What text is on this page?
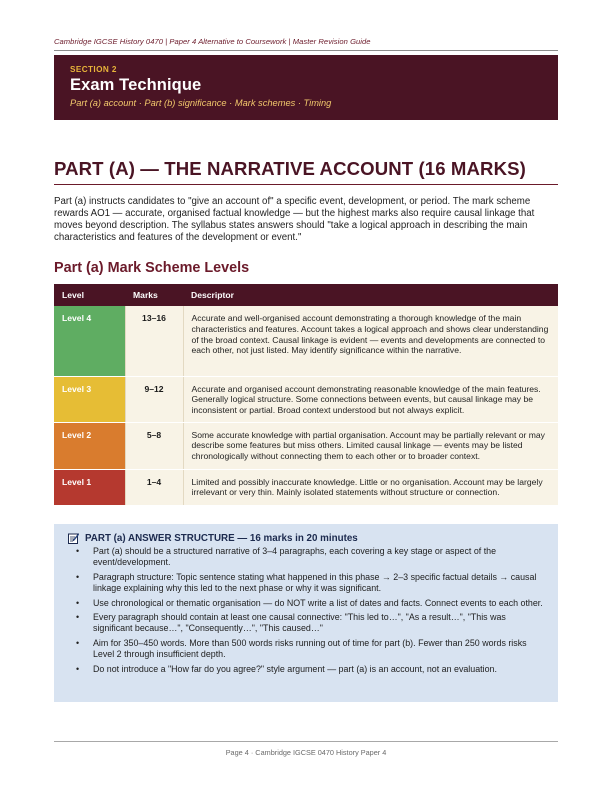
Cambridge IGCSE History 0470 | Paper 4 Alternative to Coursework | Master Revision Guide
SECTION 2
Exam Technique
Part (a) account · Part (b) significance · Mark schemes · Timing
PART (A) — THE NARRATIVE ACCOUNT (16 MARKS)

Part (a) instructs candidates to "give an account of" a specific event, development, or period. The mark scheme rewards AO1 — accurate, organised factual knowledge — but the highest marks also require causal linkage that moves beyond description. The syllabus states answers should "take a logical approach in describing the main characteristics and features of the development or event."

Part (a) Mark Scheme Levels
Level	Marks	Descriptor
Level 4	13–16	Accurate and well-organised account demonstrating a thorough knowledge of the main characteristics and features. Account takes a logical approach and shows clear understanding of the broad context. Causal linkage is evident — events and developments are connected to each other, not just listed. May identify significance within the narrative.
Level 3	9–12	Accurate and organised account demonstrating reasonable knowledge of the main features. Generally logical structure. Some connections between events, but causal linkage may be inconsistent or partial. Broad context understood but not always explicit.
Level 2	5–8	Some accurate knowledge with partial organisation. Account may be partially relevant or may describe some features but miss others. Limited causal linkage — events may be listed chronologically without connecting them to each other or to broader context.
Level 1	1–4	Limited and possibly inaccurate knowledge. Little or no organisation. Account may be largely irrelevant or very thin. Mainly isolated statements without structure or connection.
PART (a) ANSWER STRUCTURE — 16 marks in 20 minutes
• Part (a) should be a structured narrative of 3–4 paragraphs, each covering a key stage or aspect of the event/development.
• Paragraph structure: Topic sentence stating what happened in this phase → 2–3 specific factual details → causal linkage explaining why this led to the next phase or why it was significant.
• Use chronological or thematic organisation — do NOT write a list of dates and facts. Connect events to each other.
• Every paragraph should contain at least one causal connective: "This led to…", "As a result…", "This was significant because…", "Consequently…", "This caused…"
• Aim for 350–450 words. More than 500 words risks running out of time for part (b). Fewer than 250 words risks Level 2 through insufficient depth.
• Do not introduce a "How far do you agree?" style argument — part (a) is an account, not an evaluation.
Page 4 · Cambridge IGCSE 0470 History Paper 4
